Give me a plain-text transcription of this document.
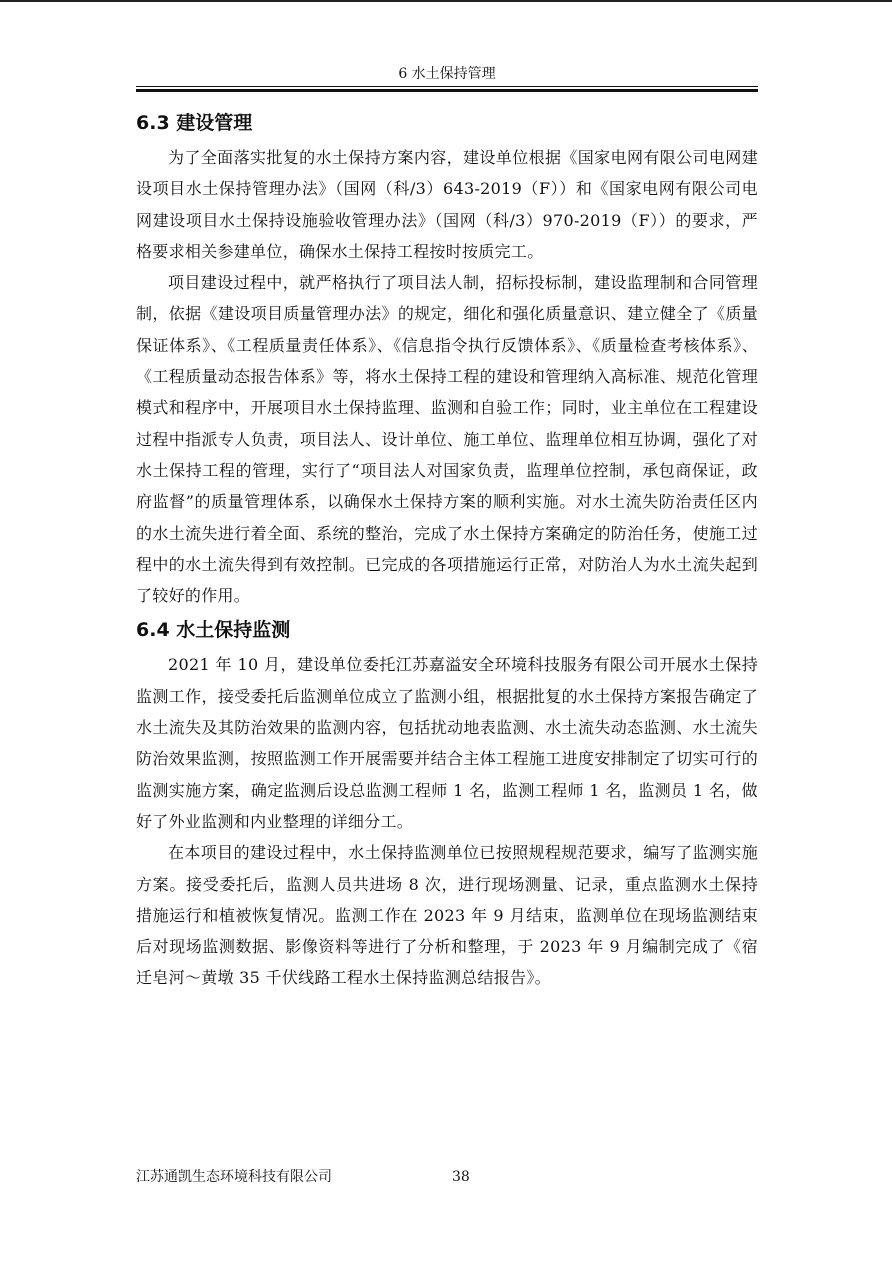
6 水土保持管理
6.3 建设管理

为了全面落实批复的水土保持方案内容，建设单位根据《国家电网有限公司电网建设项目水土保持管理办法》（国网（科/3）643-2019（F））和《国家电网有限公司电网建设项目水土保持设施验收管理办法》（国网（科/3）970-2019（F））的要求，严格要求相关参建单位，确保水土保持工程按时按质完工。

项目建设过程中，就严格执行了项目法人制，招标投标制，建设监理制和合同管理制，依据《建设项目质量管理办法》的规定，细化和强化质量意识、建立健全了《质量保证体系》、《工程质量责任体系》、《信息指令执行反馈体系》、《质量检查考核体系》、《工程质量动态报告体系》等，将水土保持工程的建设和管理纳入高标准、规范化管理模式和程序中，开展项目水土保持监理、监测和自验工作；同时，业主单位在工程建设过程中指派专人负责，项目法人、设计单位、施工单位、监理单位相互协调，强化了对水土保持工程的管理，实行了“项目法人对国家负责，监理单位控制，承包商保证，政府监督”的质量管理体系，以确保水土保持方案的顺利实施。对水土流失防治责任区内的水土流失进行着全面、系统的整治，完成了水土保持方案确定的防治任务，使施工过程中的水土流失得到有效控制。已完成的各项措施运行正常，对防治人为水土流失起到了较好的作用。

6.4 水土保持监测

2021 年 10 月，建设单位委托江苏嘉溢安全环境科技服务有限公司开展水土保持监测工作，接受委托后监测单位成立了监测小组，根据批复的水土保持方案报告确定了水土流失及其防治效果的监测内容，包括扰动地表监测、水土流失动态监测、水土流失防治效果监测，按照监测工作开展需要并结合主体工程施工进度安排制定了切实可行的监测实施方案，确定监测后设总监测工程师 1 名，监测工程师 1 名，监测员 1 名，做好了外业监测和内业整理的详细分工。

在本项目的建设过程中，水土保持监测单位已按照规程规范要求，编写了监测实施方案。接受委托后，监测人员共进场 8 次，进行现场测量、记录，重点监测水土保持措施运行和植被恢复情况。监测工作在 2023 年 9 月结束，监测单位在现场监测结束后对现场监测数据、影像资料等进行了分析和整理，于 2023 年 9 月编制完成了《宿迁皂河～黄墩 35 千伏线路工程水土保持监测总结报告》。

江苏通凯生态环境科技有限公司	38
